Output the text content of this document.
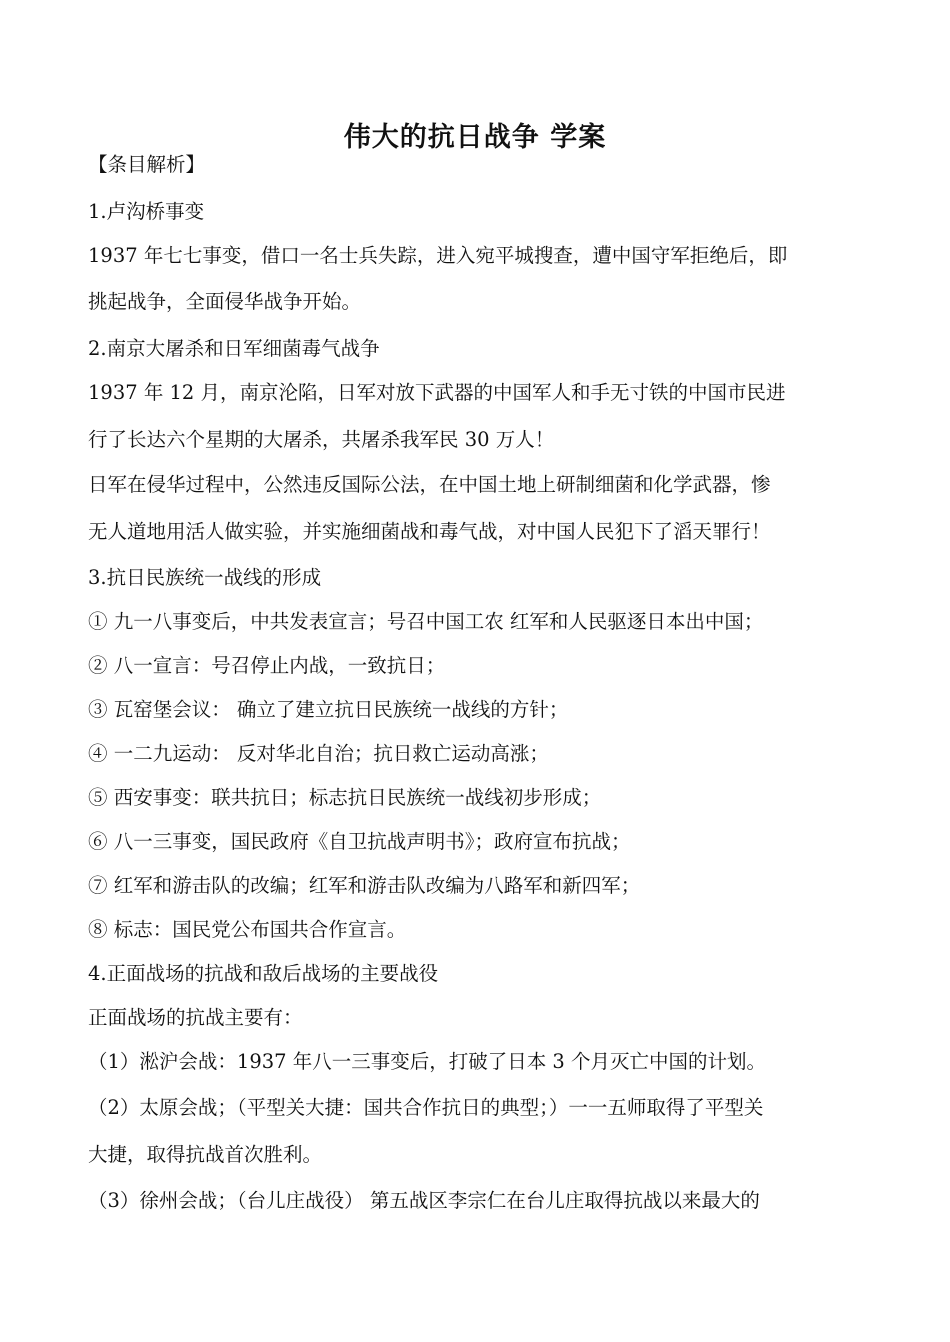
伟大的抗日战争 学案
【条目解析】
1.卢沟桥事变
1937 年七七事变，借口一名士兵失踪，进入宛平城搜查，遭中国守军拒绝后，即
挑起战争，全面侵华战争开始。
2.南京大屠杀和日军细菌毒气战争
1937 年 12 月，南京沦陷，日军对放下武器的中国军人和手无寸铁的中国市民进
行了长达六个星期的大屠杀，共屠杀我军民 30 万人！
日军在侵华过程中，公然违反国际公法，在中国土地上研制细菌和化学武器，惨
无人道地用活人做实验，并实施细菌战和毒气战，对中国人民犯下了滔天罪行！
3.抗日民族统一战线的形成
① 九一八事变后，中共发表宣言；号召中国工农 红军和人民驱逐日本出中国；
② 八一宣言：号召停止内战，一致抗日；
③ 瓦窑堡会议： 确立了建立抗日民族统一战线的方针；
④ 一二九运动： 反对华北自治；抗日救亡运动高涨；
⑤ 西安事变：联共抗日；标志抗日民族统一战线初步形成；
⑥ 八一三事变，国民政府《自卫抗战声明书》；政府宣布抗战；
⑦ 红军和游击队的改编；红军和游击队改编为八路军和新四军；
⑧ 标志：国民党公布国共合作宣言。
4.正面战场的抗战和敌后战场的主要战役
正面战场的抗战主要有：
（1）淞沪会战：1937 年八一三事变后，打破了日本 3 个月灭亡中国的计划。
（2）太原会战；（平型关大捷：国共合作抗日的典型；）一一五师取得了平型关
大捷，取得抗战首次胜利。
（3）徐州会战；（台儿庄战役） 第五战区李宗仁在台儿庄取得抗战以来最大的
